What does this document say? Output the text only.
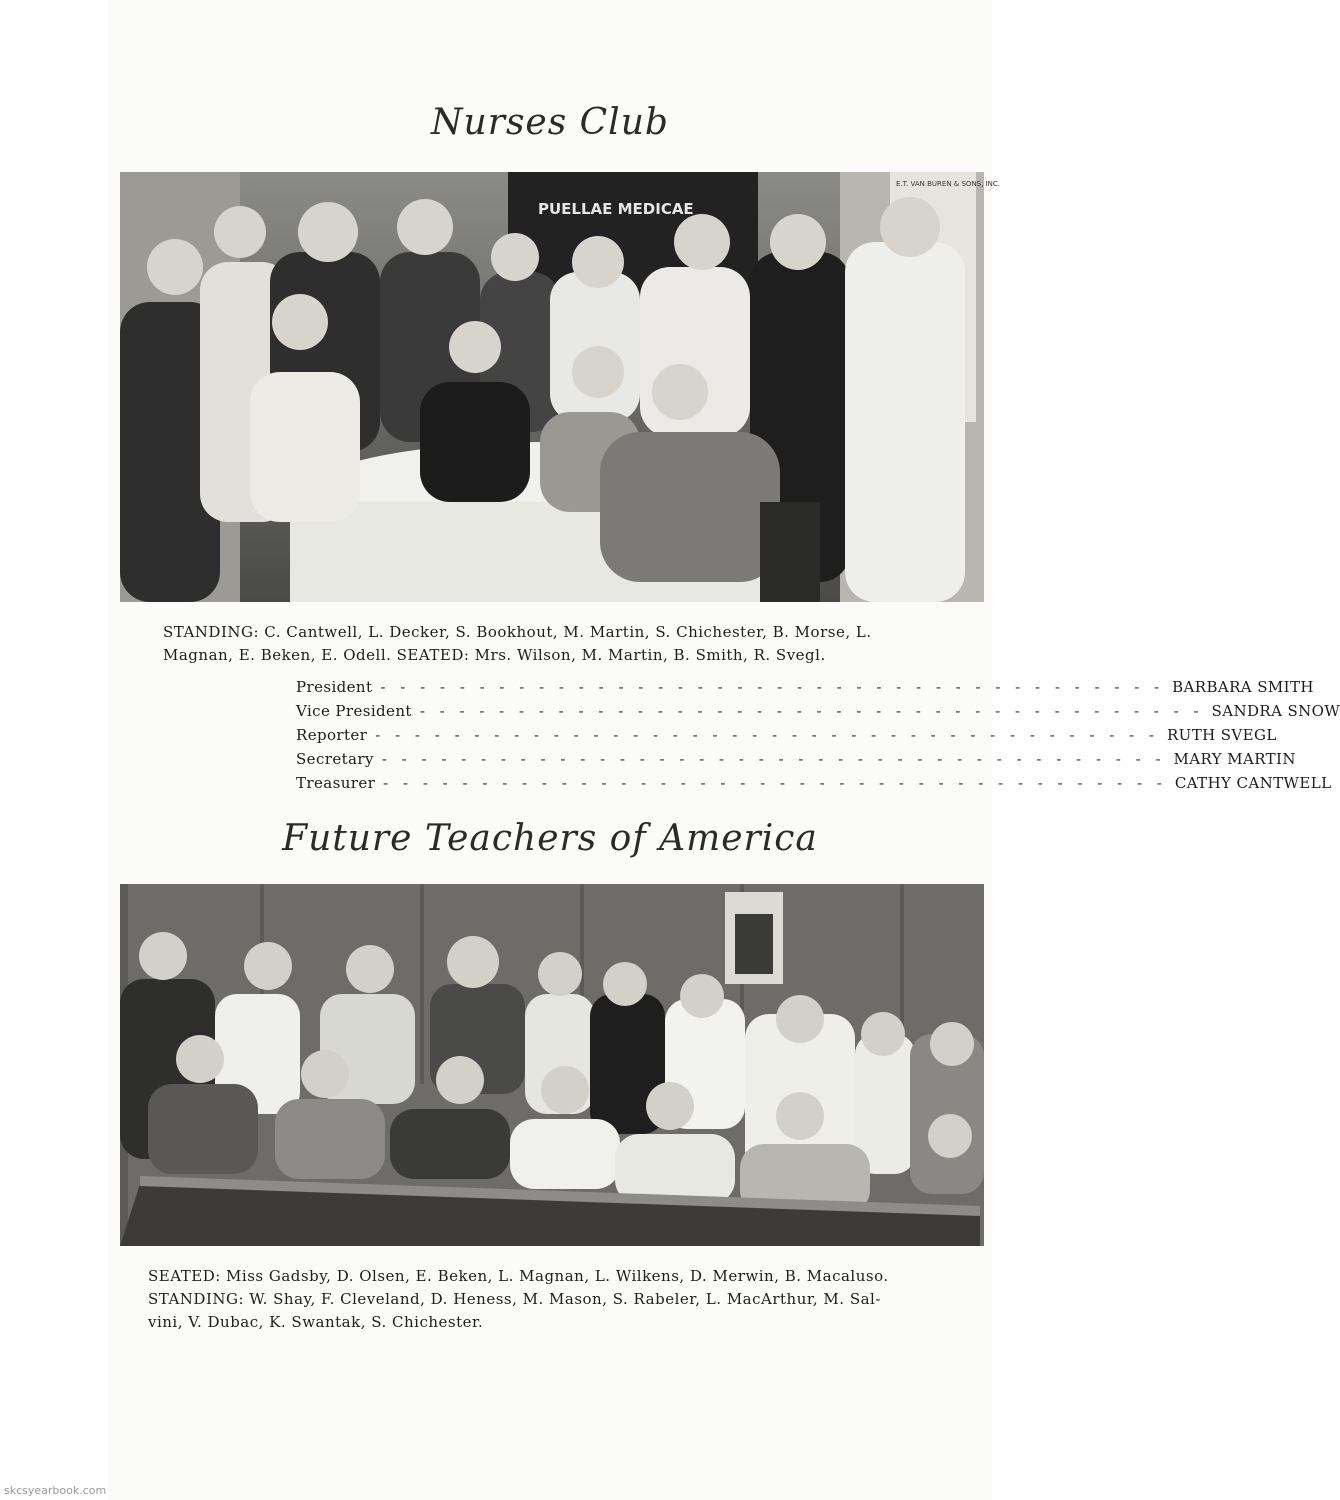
Nurses Club
PUELLAE MEDICAE
E.T. VAN BUREN & SONS, INC.
STANDING: C. Cantwell, L. Decker, S. Bookhout, M. Martin, S. Chichester, B. Morse, L.
Magnan, E. Beken, E. Odell. SEATED: Mrs. Wilson, M. Martin, B. Smith, R. Svegl.
President - - - - - - - - - - - - - - - - - - - - - - - - - - - - - - - - - - - - - - - - BARBARA SMITH
Vice President - - - - - - - - - - - - - - - - - - - - - - - - - - - - - - - - - - - - - - - - SANDRA SNOW
Reporter - - - - - - - - - - - - - - - - - - - - - - - - - - - - - - - - - - - - - - - - RUTH SVEGL
Secretary - - - - - - - - - - - - - - - - - - - - - - - - - - - - - - - - - - - - - - - - MARY MARTIN
Treasurer - - - - - - - - - - - - - - - - - - - - - - - - - - - - - - - - - - - - - - - - CATHY CANTWELL
Future Teachers of America
SEATED: Miss Gadsby, D. Olsen, E. Beken, L. Magnan, L. Wilkens, D. Merwin, B. Macaluso.
STANDING: W. Shay, F. Cleveland, D. Heness, M. Mason, S. Rabeler, L. MacArthur, M. Sal-
vini, V. Dubac, K. Swantak, S. Chichester.
skcsyearbook.com
